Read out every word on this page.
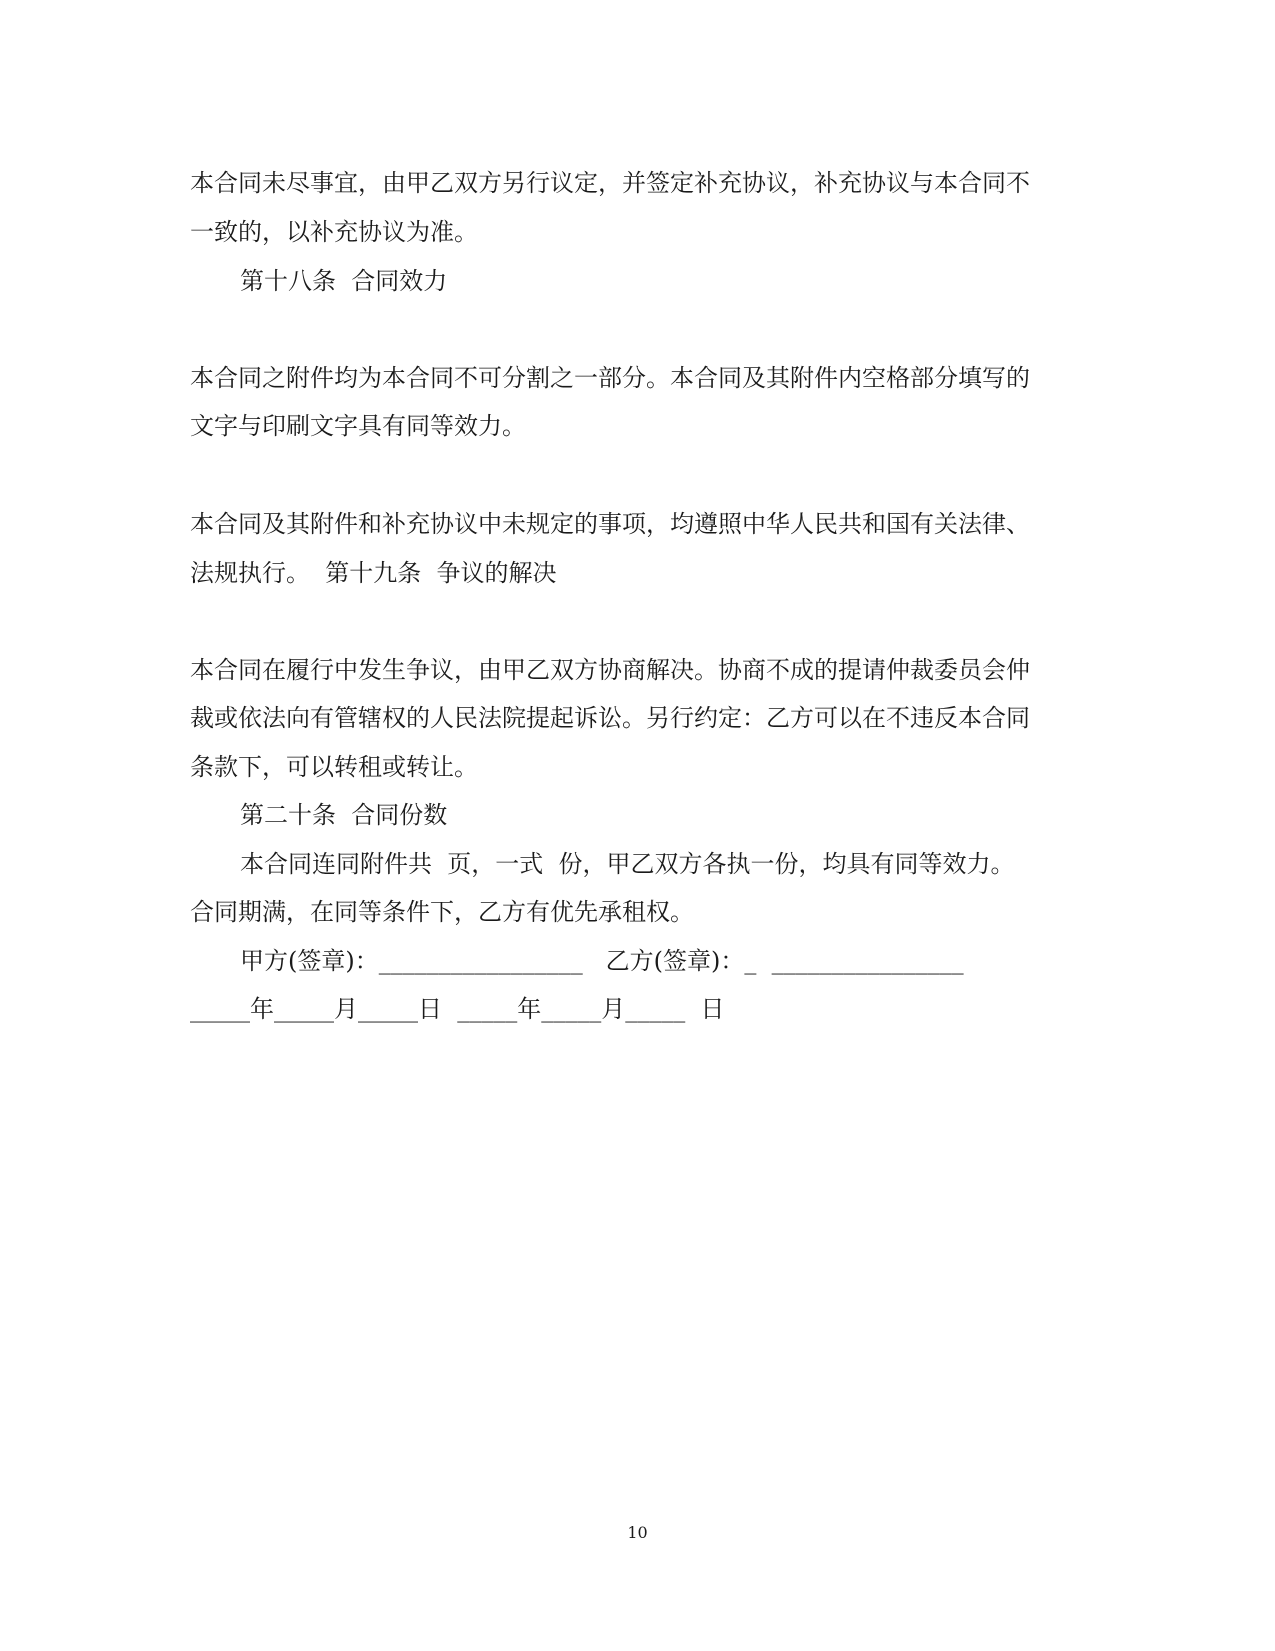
本合同未尽事宜，由甲乙双方另行议定，并签定补充协议，补充协议与本合同不
一致的，以补充协议为准。
第十八条  合同效力
本合同之附件均为本合同不可分割之一部分。本合同及其附件内空格部分填写的
文字与印刷文字具有同等效力。
本合同及其附件和补充协议中未规定的事项，均遵照中华人民共和国有关法律、
法规执行。  第十九条  争议的解决
本合同在履行中发生争议，由甲乙双方协商解决。协商不成的提请仲裁委员会仲
裁或依法向有管辖权的人民法院提起诉讼。另行约定：乙方可以在不违反本合同
条款下，可以转租或转让。
第二十条  合同份数
本合同连同附件共  页，一式  份，甲乙双方各执一份，均具有同等效力。
合同期满，在同等条件下，乙方有优先承租权。
甲方(签章)：_________________   乙方(签章)：_  ________________
_____年_____月_____日  _____年_____月_____  日
10
